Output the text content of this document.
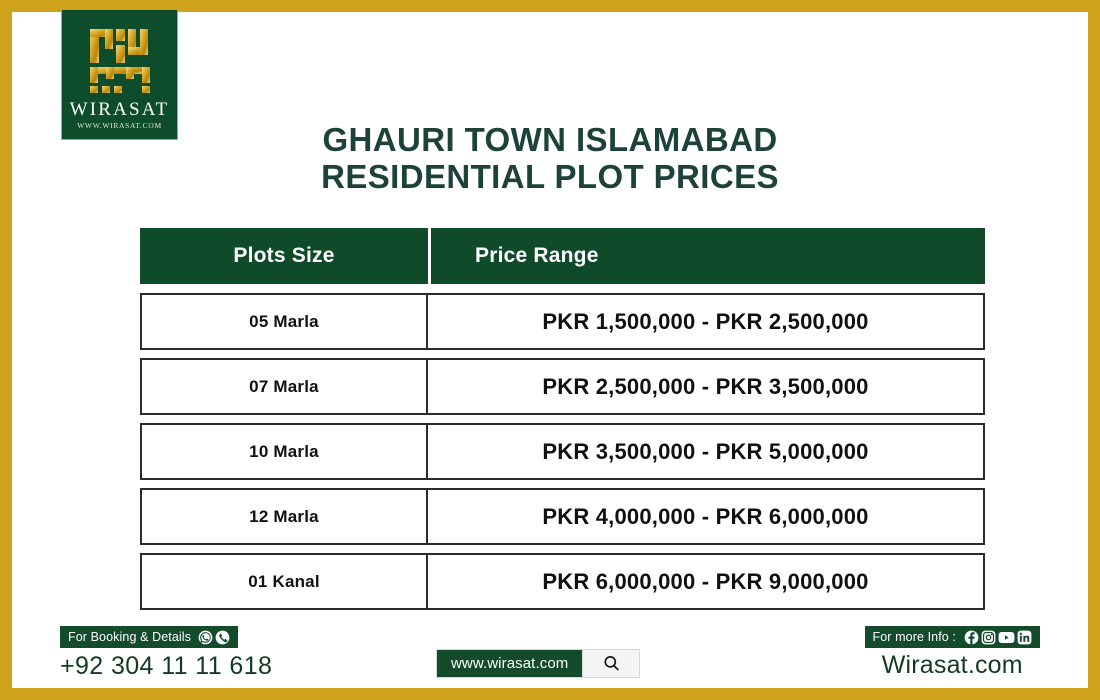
WIRASAT
WWW.WIRASAT.COM	GHAURI TOWN ISLAMABAD
RESIDENTIAL PLOT PRICES
Plots Size	Price Range
05 Marla	PKR 1,500,000 - PKR 2,500,000
07 Marla	PKR 2,500,000 - PKR 3,500,000
10 Marla	PKR 3,500,000 - PKR 5,000,000
12 Marla	PKR 4,000,000 - PKR 6,000,000
01 Kanal	PKR 6,000,000 - PKR 9,000,000
For Booking & Details
+92 304 11 11 618	www.wirasat.com
For more Info :
Wirasat.com
